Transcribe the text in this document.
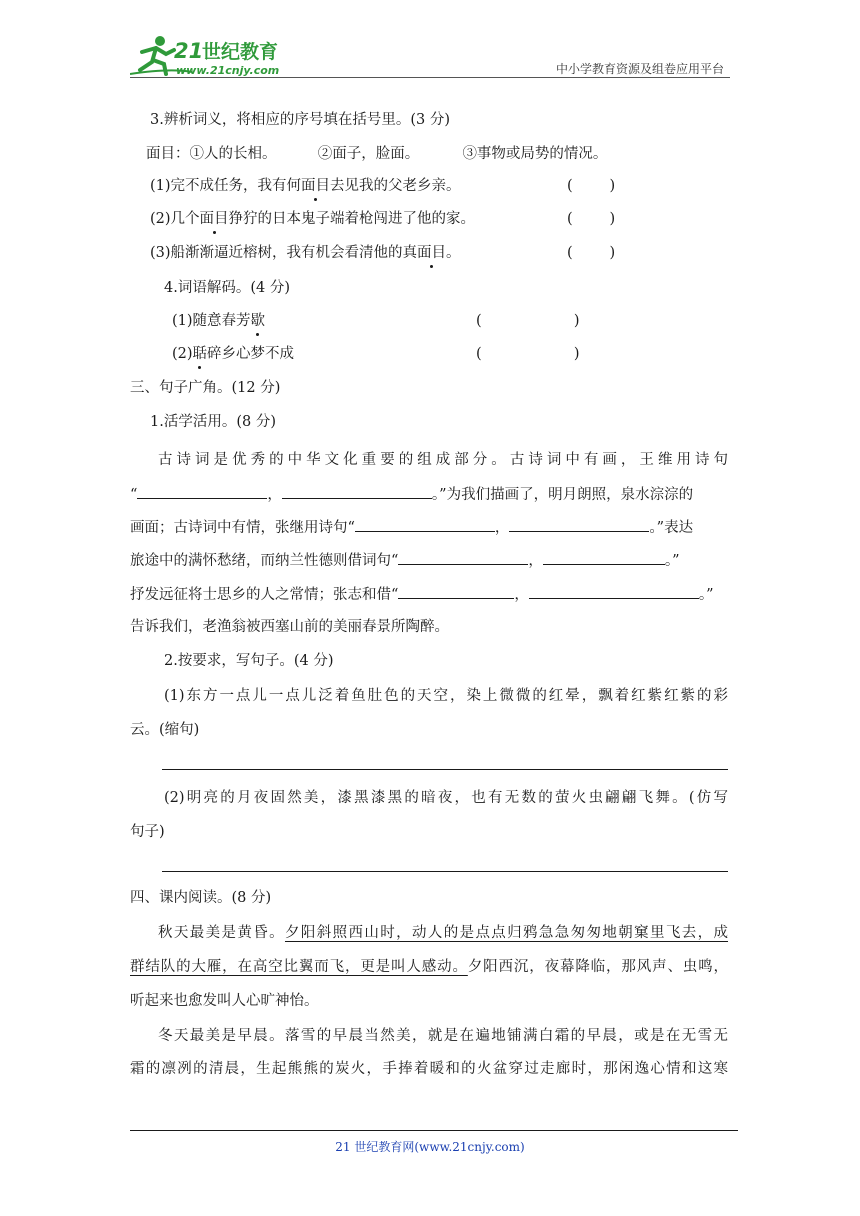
21
世纪教育
www.21cnjy.com	中小学教育资源及组卷应用平台
3.辨析词义，将相应的序号填在括号里。(3 分)
面目：①人的长相。	②面子，脸面。	③事物或局势的情况。
(1)完不成任务，我有何面目去见我的父老乡亲。	(        )
(2)几个面目狰狞的日本鬼子端着枪闯进了他的家。	(        )
(3)船渐渐逼近榕树，我有机会看清他的真面目。	(        )
4.词语解码。(4 分)
(1)随意春芳歇	(                    )
(2)聒碎乡心梦不成	(                    )
三、句子广角。(12 分)
1.活学活用。(8 分)
古诗词是优秀的中华文化重要的组成部分。古诗词中有画，王维用诗句
“	，	。”为我们描画了，明月朗照，泉水淙淙的
画面；古诗词中有情，张继用诗句“	，	。”表达
旅途中的满怀愁绪，而纳兰性德则借词句“	，	。”
抒发远征将士思乡的人之常情；张志和借“	，	。”
告诉我们，老渔翁被西塞山前的美丽春景所陶醉。
2.按要求，写句子。(4 分)
(1)东方一点儿一点儿泛着鱼肚色的天空，染上微微的红晕，飘着红紫红紫的彩
云。(缩句)
(2)明亮的月夜固然美，漆黑漆黑的暗夜，也有无数的萤火虫翩翩飞舞。(仿写
句子)
四、课内阅读。(8 分)
秋天最美是黄昏。夕阳斜照西山时，动人的是点点归鸦急急匆匆地朝窠里飞去，成
群结队的大雁，在高空比翼而飞，更是叫人感动。夕阳西沉，夜幕降临，那风声、虫鸣，
听起来也愈发叫人心旷神怡。
冬天最美是早晨。落雪的早晨当然美，就是在遍地铺满白霜的早晨，或是在无雪无
霜的凛冽的清晨，生起熊熊的炭火，手捧着暖和的火盆穿过走廊时，那闲逸心情和这寒
21 世纪教育网(www.21cnjy.com)
